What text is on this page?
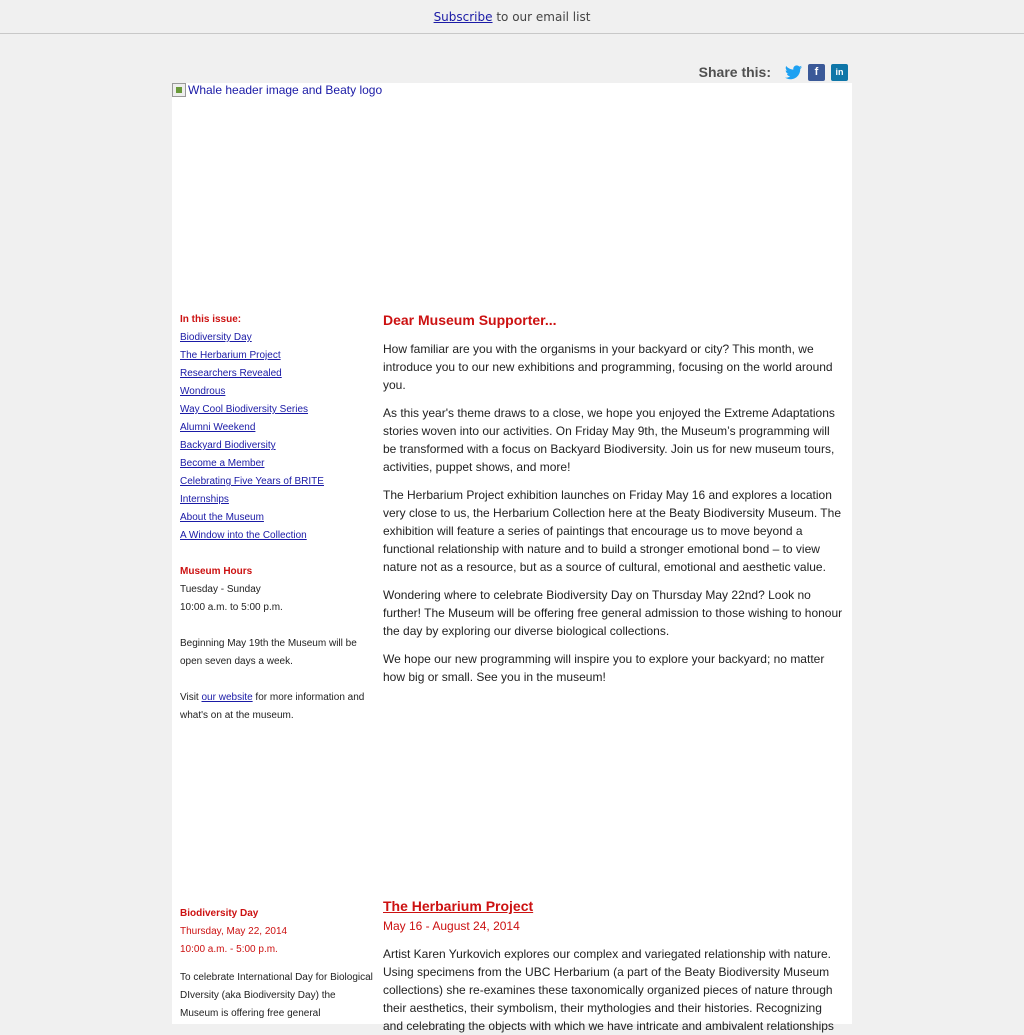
Subscribe to our email list
Share this:	f	in
Whale header image and Beaty logo
In this issue:
Biodiversity Day
The Herbarium Project
Researchers Revealed
Wondrous
Way Cool Biodiversity Series
Alumni Weekend
Backyard Biodiversity
Become a Member
Celebrating Five Years of BRITE
Internships
About the Museum
A Window into the Collection
Museum Hours
Tuesday - Sunday
10:00 a.m. to 5:00 p.m.
Beginning May 19th the Museum will be
open seven days a week.
Visit our website for more information and
what's on at the museum.
Dear Museum Supporter...

How familiar are you with the organisms in your backyard or city? This month, we introduce you to our new exhibitions and programming, focusing on the world around you.

As this year's theme draws to a close, we hope you enjoyed the Extreme Adaptations stories woven into our activities. On Friday May 9th, the Museum’s programming will be transformed with a focus on Backyard Biodiversity. Join us for new museum tours, activities, puppet shows, and more!

The Herbarium Project exhibition launches on Friday May 16 and explores a location very close to us, the Herbarium Collection here at the Beaty Biodiversity Museum. The exhibition will feature a series of paintings that encourage us to move beyond a functional relationship with nature and to build a stronger emotional bond – to view nature not as a resource, but as a source of cultural, emotional and aesthetic value.

Wondering where to celebrate Biodiversity Day on Thursday May 22nd? Look no further! The Museum will be offering free general admission to those wishing to honour the day by exploring our diverse biological collections.

We hope our new programming will inspire you to explore your backyard; no matter how big or small. See you in the museum!

Biodiversity Day
Thursday, May 22, 2014
10:00 a.m. - 5:00 p.m.

To celebrate International Day for Biological DIversity (aka Biodiversity Day) the Museum is offering free general

The Herbarium Project
May 16 - August 24, 2014

Artist Karen Yurkovich explores our complex and variegated relationship with nature. Using specimens from the UBC Herbarium (a part of the Beaty Biodiversity Museum collections) she re-examines these taxonomically organized pieces of nature through their aesthetics, their symbolism, their mythologies and their histories. Recognizing and celebrating the objects with which we have intricate and ambivalent relationships
